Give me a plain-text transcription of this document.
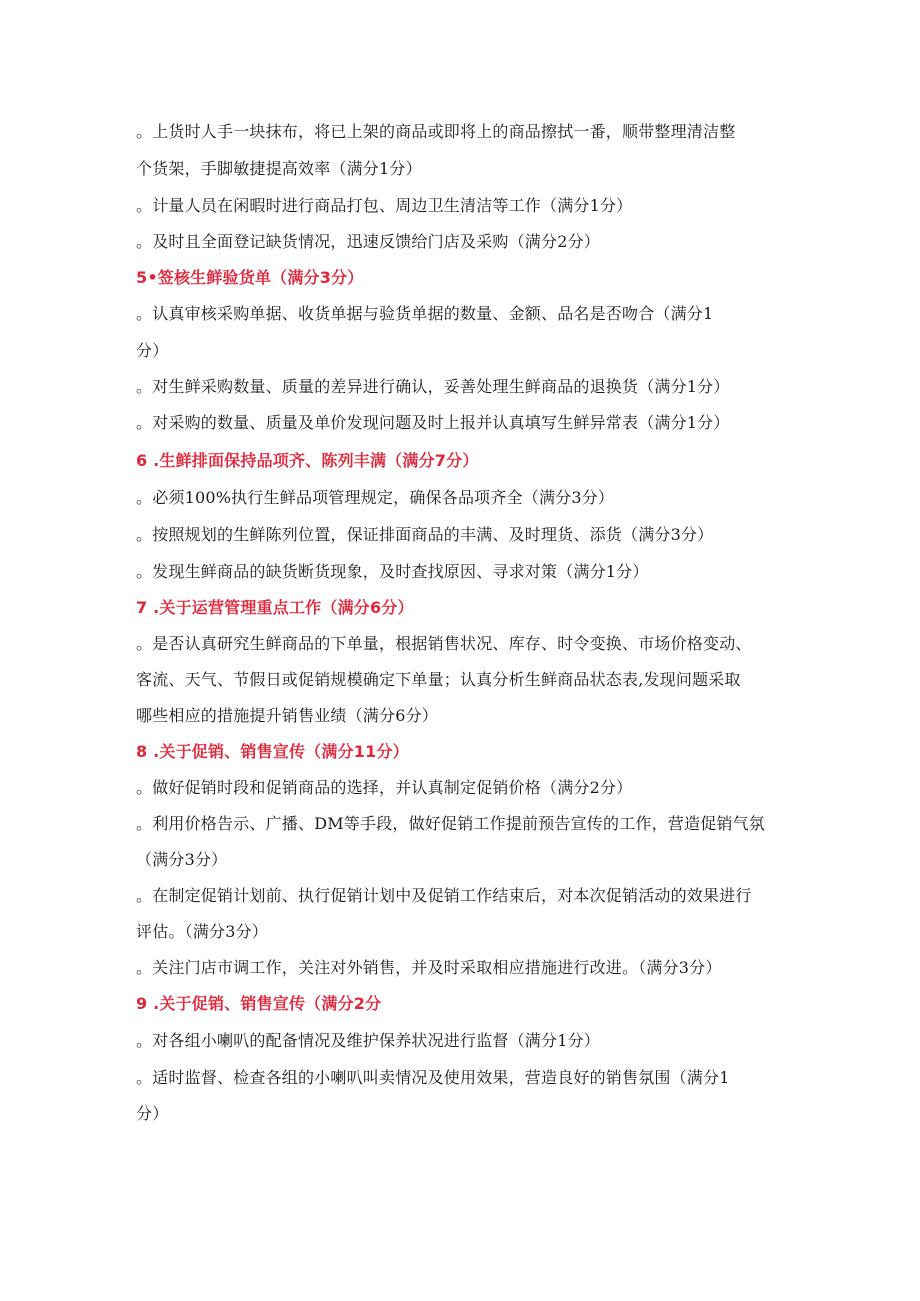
。上货时人手一块抹布，将已上架的商品或即将上的商品擦拭一番，顺带整理清洁整
个货架，手脚敏捷提高效率（满分1分）
。计量人员在闲暇时进行商品打包、周边卫生清洁等工作（满分1分）
。及时且全面登记缺货情况，迅速反馈给门店及采购（满分2分）
5•签核生鲜验货单（满分3分）
。认真审核采购单据、收货单据与验货单据的数量、金额、品名是否吻合（满分1
分）
。对生鲜采购数量、质量的差异进行确认，妥善处理生鲜商品的退换货（满分1分）
。对采购的数量、质量及单价发现问题及时上报并认真填写生鲜异常表（满分1分）
6 .生鲜排面保持品项齐、陈列丰满（满分7分）
。必须100%执行生鲜品项管理规定，确保各品项齐全（满分3分）
。按照规划的生鲜陈列位置，保证排面商品的丰满、及时理货、添货（满分3分）
。发现生鲜商品的缺货断货现象，及时查找原因、寻求对策（满分1分）
7 .关于运营管理重点工作（满分6分）
。是否认真研究生鲜商品的下单量，根据销售状况、库存、时令变换、市场价格变动、
客流、天气、节假日或促销规模确定下单量；认真分析生鲜商品状态表,发现问题采取
哪些相应的措施提升销售业绩（满分6分）
8 .关于促销、销售宣传（满分11分）
。做好促销时段和促销商品的选择，并认真制定促销价格（满分2分）
。利用价格告示、广播、DM等手段，做好促销工作提前预告宣传的工作，营造促销气氛
（满分3分）
。在制定促销计划前、执行促销计划中及促销工作结束后，对本次促销活动的效果进行
评估。（满分3分）
。关注门店市调工作，关注对外销售，并及时采取相应措施进行改进。（满分3分）
9 .关于促销、销售宣传（满分2分
。对各组小喇叭的配备情况及维护保养状况进行监督（满分1分）
。适时监督、检查各组的小喇叭叫卖情况及使用效果，营造良好的销售氛围（满分1
分）
